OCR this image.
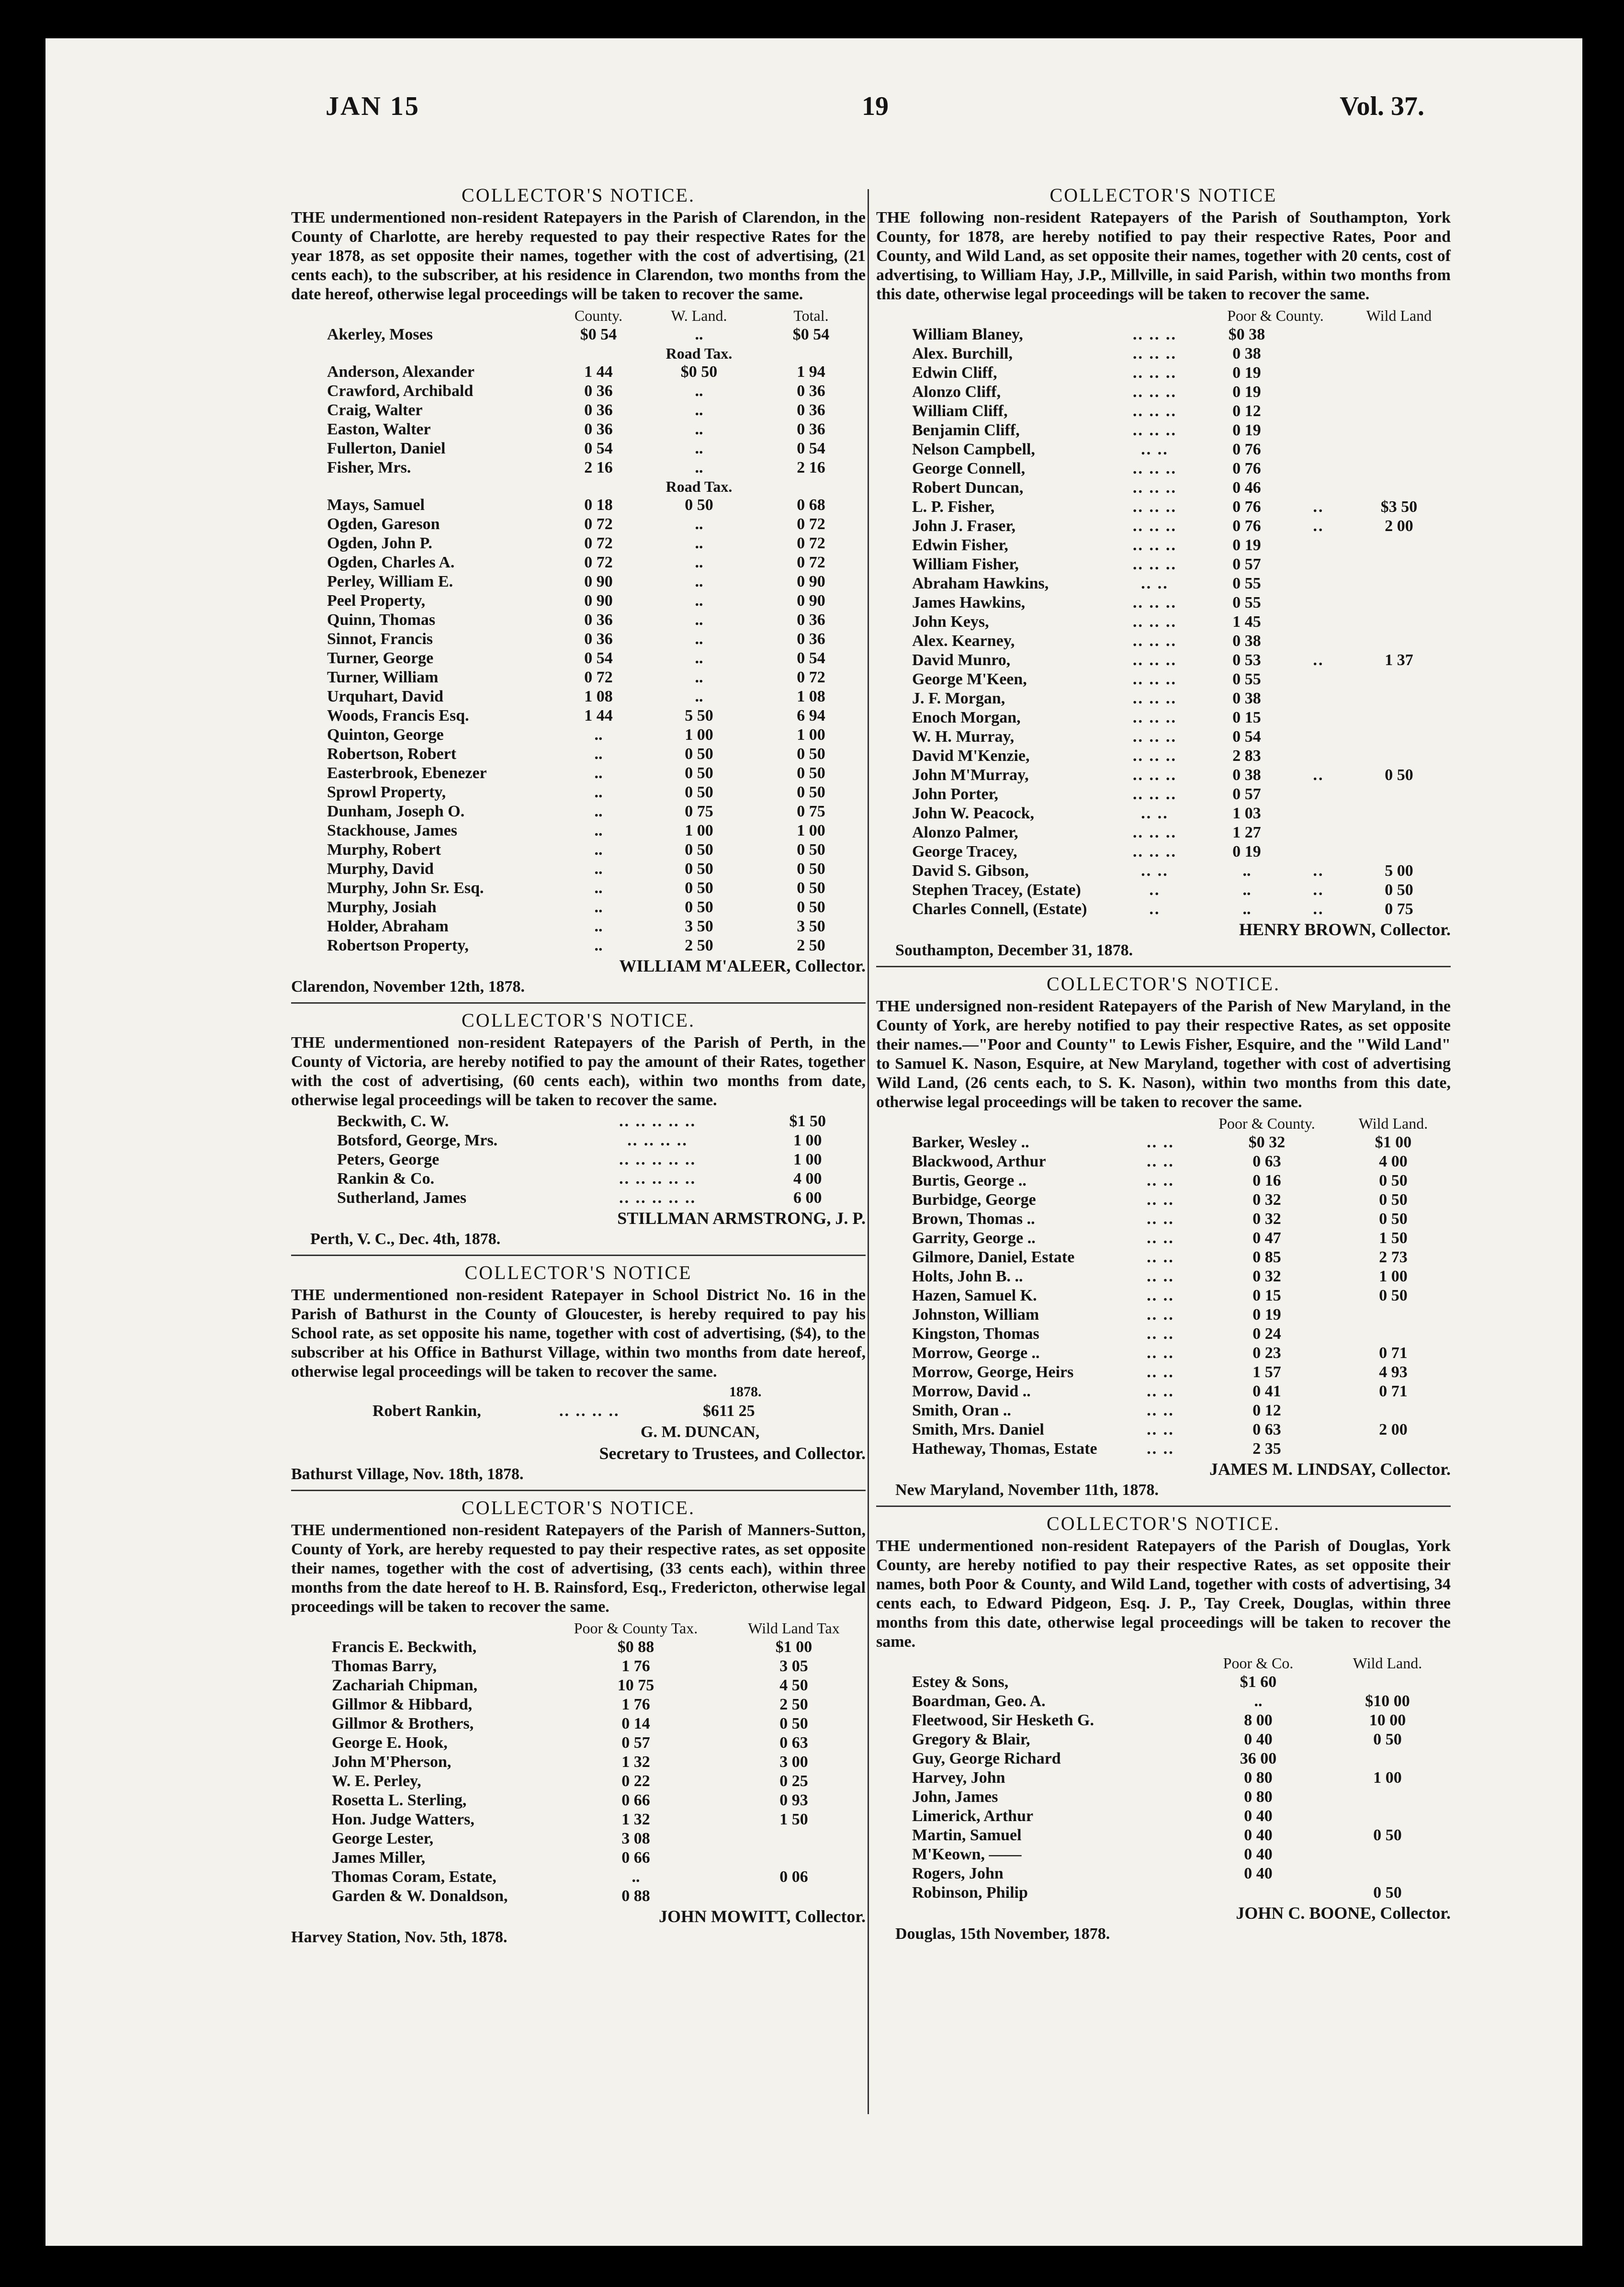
JAN 15	19	Vol. 37.
COLLECTOR'S NOTICE.
THE undermentioned non-resident Ratepayers in the Parish of Clarendon, in the County of Charlotte, are hereby requested to pay their respective Rates for the year 1878, as set opposite their names, together with the cost of advertising, (21 cents each), to the subscriber, at his residence in Clarendon, two months from the date hereof, otherwise legal proceedings will be taken to recover the same.
	County.	W. Land.	Total.
Akerley, Moses	$0 54	..	$0 54
		Road Tax.	
Anderson, Alexander	1 44	$0 50	1 94
Crawford, Archibald	0 36	..	0 36
Craig, Walter	0 36	..	0 36
Easton, Walter	0 36	..	0 36
Fullerton, Daniel	0 54	..	0 54
Fisher, Mrs.	2 16	..	2 16
		Road Tax.	
Mays, Samuel	0 18	0 50	0 68
Ogden, Gareson	0 72	..	0 72
Ogden, John P.	0 72	..	0 72
Ogden, Charles A.	0 72	..	0 72
Perley, William E.	0 90	..	0 90
Peel Property,	0 90	..	0 90
Quinn, Thomas	0 36	..	0 36
Sinnot, Francis	0 36	..	0 36
Turner, George	0 54	..	0 54
Turner, William	0 72	..	0 72
Urquhart, David	1 08	..	1 08
Woods, Francis Esq.	1 44	5 50	6 94
Quinton, George	..	1 00	1 00
Robertson, Robert	..	0 50	0 50
Easterbrook, Ebenezer	..	0 50	0 50
Sprowl Property,	..	0 50	0 50
Dunham, Joseph O.	..	0 75	0 75
Stackhouse, James	..	1 00	1 00
Murphy, Robert	..	0 50	0 50
Murphy, David	..	0 50	0 50
Murphy, John Sr. Esq.	..	0 50	0 50
Murphy, Josiah	..	0 50	0 50
Holder, Abraham	..	3 50	3 50
Robertson Property,	..	2 50	2 50
WILLIAM M'ALEER, Collector.
Clarendon, November 12th, 1878.
COLLECTOR'S NOTICE.
THE undermentioned non-resident Ratepayers of the Parish of Perth, in the County of Victoria, are hereby notified to pay the amount of their Rates, together with the cost of advertising, (60 cents each), within two months from date, otherwise legal proceedings will be taken to recover the same.
Beckwith, C. W.	.. .. .. .. ..	$1 50
Botsford, George, Mrs.	.. .. .. ..	1 00
Peters, George	.. .. .. .. ..	1 00
Rankin & Co.	.. .. .. .. ..	4 00
Sutherland, James	.. .. .. .. ..	6 00
STILLMAN ARMSTRONG, J. P.
Perth, V. C., Dec. 4th, 1878.
COLLECTOR'S NOTICE
THE undermentioned non-resident Ratepayer in School District No. 16 in the Parish of Bathurst in the County of Gloucester, is hereby required to pay his School rate, as set opposite his name, together with cost of advertising, ($4), to the subscriber at his Office in Bathurst Village, within two months from date hereof, otherwise legal proceedings will be taken to recover the same.
1878.
Robert Rankin,	.. .. .. ..	$611 25
G. M. DUNCAN,
Secretary to Trustees, and Collector.
Bathurst Village, Nov. 18th, 1878.
COLLECTOR'S NOTICE.
THE undermentioned non-resident Ratepayers of the Parish of Manners-Sutton, County of York, are hereby requested to pay their respective rates, as set opposite their names, together with the cost of advertising, (33 cents each), within three months from the date hereof to H. B. Rainsford, Esq., Fredericton, otherwise legal proceedings will be taken to recover the same.
	Poor & County Tax.	Wild Land Tax
Francis E. Beckwith,	$0 88	$1 00
Thomas Barry,	1 76	3 05
Zachariah Chipman,	10 75	4 50
Gillmor & Hibbard,	1 76	2 50
Gillmor & Brothers,	0 14	0 50
George E. Hook,	0 57	0 63
John M'Pherson,	1 32	3 00
W. E. Perley,	0 22	0 25
Rosetta L. Sterling,	0 66	0 93
Hon. Judge Watters,	1 32	1 50
George Lester,	3 08	
James Miller,	0 66	
Thomas Coram, Estate,	..	0 06
Garden & W. Donaldson,	0 88	
JOHN MOWITT, Collector.
Harvey Station, Nov. 5th, 1878.
COLLECTOR'S NOTICE
THE following non-resident Ratepayers of the Parish of Southampton, York County, for 1878, are hereby notified to pay their respective Rates, Poor and County, and Wild Land, as set opposite their names, together with 20 cents, cost of advertising, to William Hay, J.P., Millville, in said Parish, within two months from this date, otherwise legal proceedings will be taken to recover the same.
		Poor & County.		Wild Land
William Blaney,	.. .. ..	$0 38		
Alex. Burchill,	.. .. ..	0 38		
Edwin Cliff,	.. .. ..	0 19		
Alonzo Cliff,	.. .. ..	0 19		
William Cliff,	.. .. ..	0 12		
Benjamin Cliff,	.. .. ..	0 19		
Nelson Campbell,	.. ..	0 76		
George Connell,	.. .. ..	0 76		
Robert Duncan,	.. .. ..	0 46		
L. P. Fisher,	.. .. ..	0 76	..	$3 50
John J. Fraser,	.. .. ..	0 76	..	2 00
Edwin Fisher,	.. .. ..	0 19		
William Fisher,	.. .. ..	0 57		
Abraham Hawkins,	.. ..	0 55		
James Hawkins,	.. .. ..	0 55		
John Keys,	.. .. ..	1 45		
Alex. Kearney,	.. .. ..	0 38		
David Munro,	.. .. ..	0 53	..	1 37
George M'Keen,	.. .. ..	0 55		
J. F. Morgan,	.. .. ..	0 38		
Enoch Morgan,	.. .. ..	0 15		
W. H. Murray,	.. .. ..	0 54		
David M'Kenzie,	.. .. ..	2 83		
John M'Murray,	.. .. ..	0 38	..	0 50
John Porter,	.. .. ..	0 57		
John W. Peacock,	.. ..	1 03		
Alonzo Palmer,	.. .. ..	1 27		
George Tracey,	.. .. ..	0 19		
David S. Gibson,	.. ..	..	..	5 00
Stephen Tracey, (Estate)	..	..	..	0 50
Charles Connell, (Estate)	..	..	..	0 75
HENRY BROWN, Collector.
Southampton, December 31, 1878.
COLLECTOR'S NOTICE.
THE undersigned non-resident Ratepayers of the Parish of New Maryland, in the County of York, are hereby notified to pay their respective Rates, as set opposite their names.—"Poor and County" to Lewis Fisher, Esquire, and the "Wild Land" to Samuel K. Nason, Esquire, at New Maryland, together with cost of advertising Wild Land, (26 cents each, to S. K. Nason), within two months from this date, otherwise legal proceedings will be taken to recover the same.
		Poor & County.	Wild Land.
Barker, Wesley ..	.. ..	$0 32	$1 00
Blackwood, Arthur	.. ..	0 63	4 00
Burtis, George ..	.. ..	0 16	0 50
Burbidge, George	.. ..	0 32	0 50
Brown, Thomas ..	.. ..	0 32	0 50
Garrity, George ..	.. ..	0 47	1 50
Gilmore, Daniel, Estate	.. ..	0 85	2 73
Holts, John B. ..	.. ..	0 32	1 00
Hazen, Samuel K.	.. ..	0 15	0 50
Johnston, William	.. ..	0 19	
Kingston, Thomas	.. ..	0 24	
Morrow, George ..	.. ..	0 23	0 71
Morrow, George, Heirs	.. ..	1 57	4 93
Morrow, David ..	.. ..	0 41	0 71
Smith, Oran ..	.. ..	0 12	
Smith, Mrs. Daniel	.. ..	0 63	2 00
Hatheway, Thomas, Estate	.. ..	2 35	
JAMES M. LINDSAY, Collector.
New Maryland, November 11th, 1878.
COLLECTOR'S NOTICE.
THE undermentioned non-resident Ratepayers of the Parish of Douglas, York County, are hereby notified to pay their respective Rates, as set opposite their names, both Poor & County, and Wild Land, together with costs of advertising, 34 cents each, to Edward Pidgeon, Esq. J. P., Tay Creek, Douglas, within three months from this date, otherwise legal proceedings will be taken to recover the same.
	Poor & Co.	Wild Land.
Estey & Sons,	$1 60	
Boardman, Geo. A.	..	$10 00
Fleetwood, Sir Hesketh G.	8 00	10 00
Gregory & Blair,	0 40	0 50
Guy, George Richard	36 00	
Harvey, John	0 80	1 00
John, James	0 80	
Limerick, Arthur	0 40	
Martin, Samuel	0 40	0 50
M'Keown, ——	0 40	
Rogers, John	0 40	
Robinson, Philip		0 50
JOHN C. BOONE, Collector.
Douglas, 15th November, 1878.
